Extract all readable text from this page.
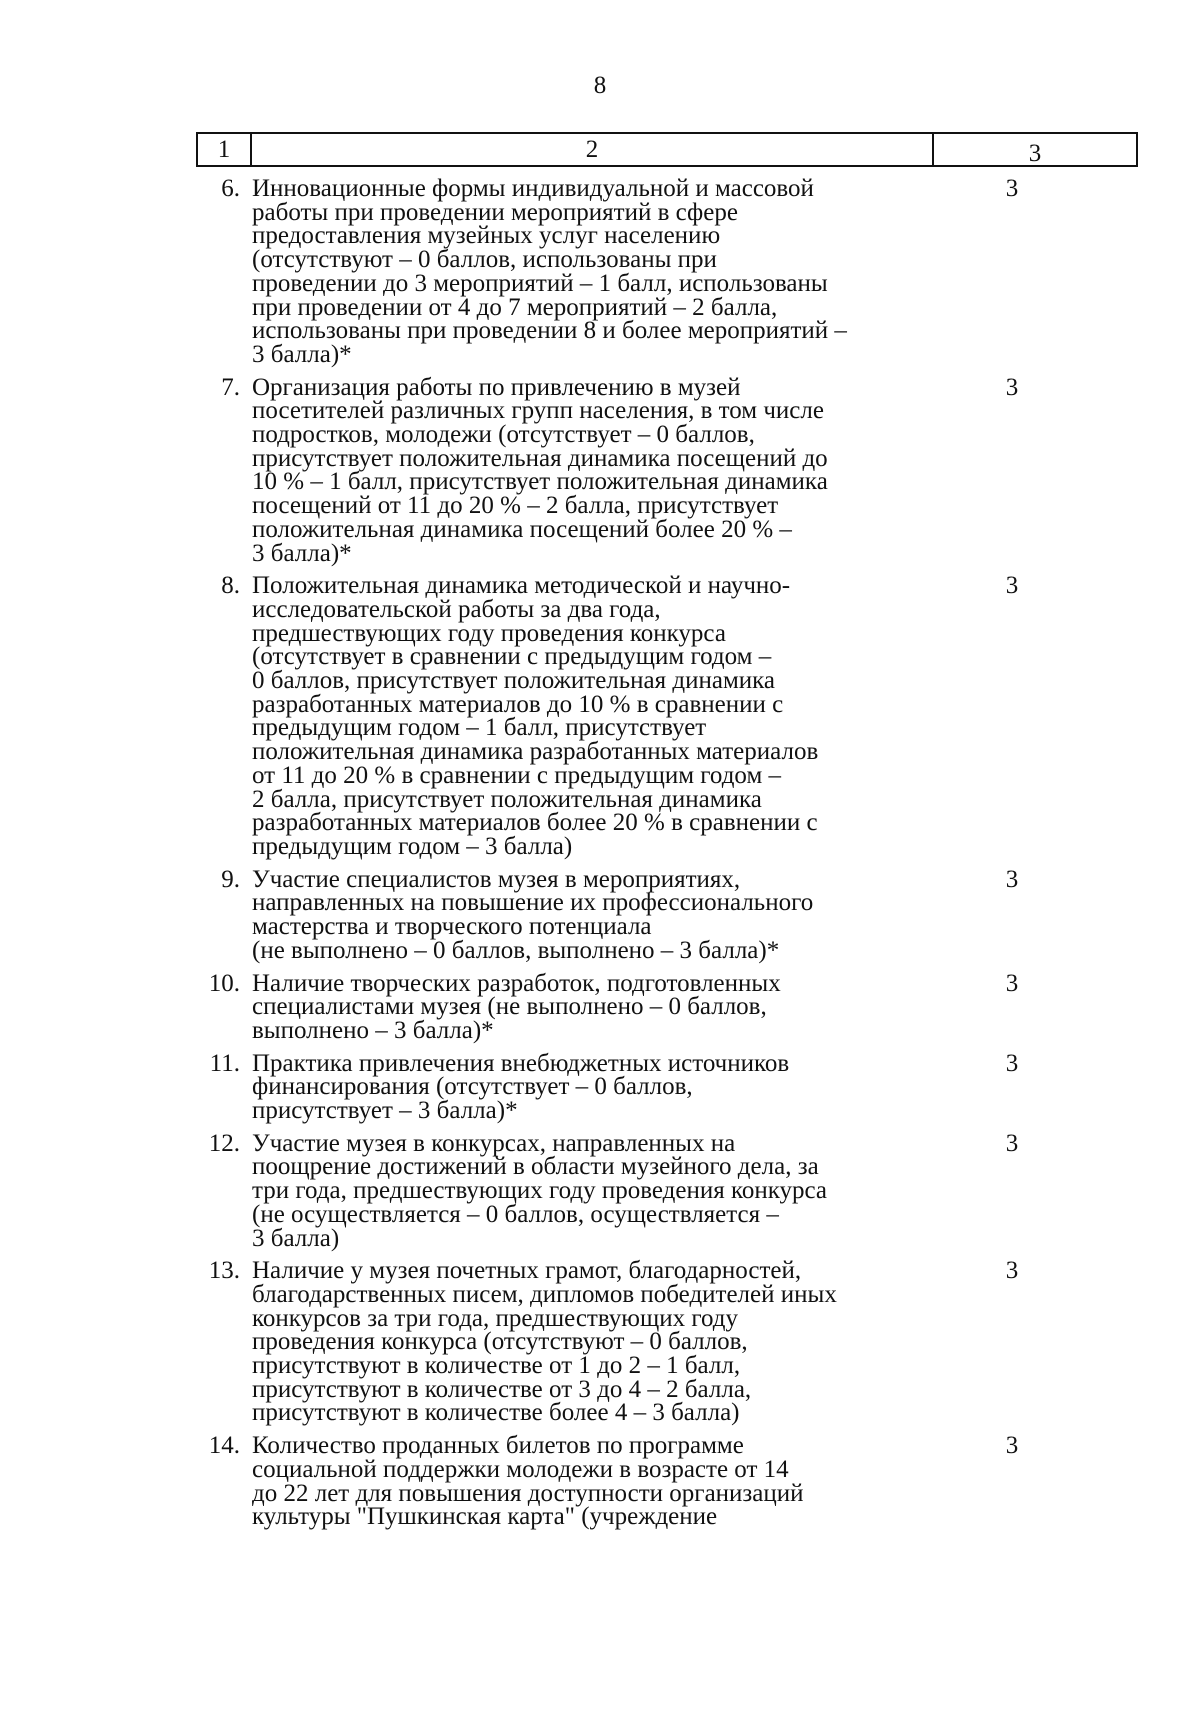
8
1	2	3
6. Инновационные формы индивидуальной и массовой
работы при проведении мероприятий в сфере
предоставления музейных услуг населению
(отсутствуют – 0 баллов, использованы при
проведении до 3 мероприятий – 1 балл, использованы
при проведении от 4 до 7 мероприятий – 2 балла,
использованы при проведении 8 и более мероприятий –
3 балла)*
3
7. Организация работы по привлечению в музей
посетителей различных групп населения, в том числе
подростков, молодежи (отсутствует – 0 баллов,
присутствует положительная динамика посещений до
10 % – 1 балл, присутствует положительная динамика
посещений от 11 до 20 % – 2 балла, присутствует
положительная динамика посещений более 20 % –
3 балла)*
3
8. Положительная динамика методической и научно-
исследовательской работы за два года,
предшествующих году проведения конкурса
(отсутствует в сравнении с предыдущим годом –
0 баллов, присутствует положительная динамика
разработанных материалов до 10 % в сравнении с
предыдущим годом – 1 балл, присутствует
положительная динамика разработанных материалов
от 11 до 20 % в сравнении с предыдущим годом –
2 балла, присутствует положительная динамика
разработанных материалов более 20 % в сравнении с
предыдущим годом – 3 балла)
3
9. Участие специалистов музея в мероприятиях,
направленных на повышение их профессионального
мастерства и творческого потенциала
(не выполнено – 0 баллов, выполнено – 3 балла)*
3
10. Наличие творческих разработок, подготовленных
специалистами музея (не выполнено – 0 баллов,
выполнено – 3 балла)*
3
11. Практика привлечения внебюджетных источников
финансирования (отсутствует – 0 баллов,
присутствует – 3 балла)*
3
12. Участие музея в конкурсах, направленных на
поощрение достижений в области музейного дела, за
три года, предшествующих году проведения конкурса
(не осуществляется – 0 баллов, осуществляется –
3 балла)
3
13. Наличие у музея почетных грамот, благодарностей,
благодарственных писем, дипломов победителей иных
конкурсов за три года, предшествующих году
проведения конкурса (отсутствуют – 0 баллов,
присутствуют в количестве от 1 до 2 – 1 балл,
присутствуют в количестве от 3 до 4 – 2 балла,
присутствуют в количестве более 4 – 3 балла)
3
14. Количество проданных билетов по программе
социальной поддержки молодежи в возрасте от 14
до 22 лет для повышения доступности организаций
культуры "Пушкинская карта" (учреждение
3
